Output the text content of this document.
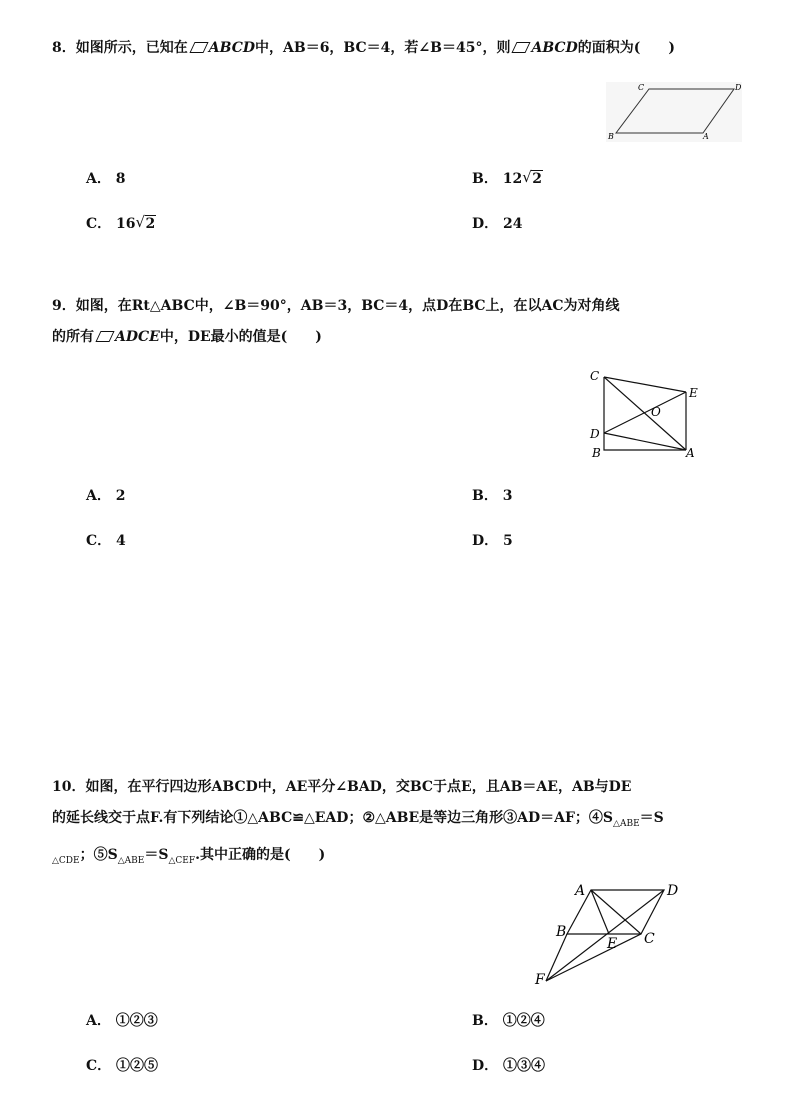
8．如图所示，已知在 ABCD中，AB＝6，BC＝4，若∠B＝45°，则 ABCD的面积为(　　)
C	D
B	A
A． 8	B． 12 √ 2
C． 16 √ 2	D． 24
9．如图，在Rt△ABC中，∠B＝90°，AB＝3，BC＝4，点D在BC上，在以AC为对角线
的所有 ADCE中，DE最小的值是(　　)
C
E
O
D
B	A
A． 2	B． 3
C． 4	D． 5
10．如图，在平行四边形ABCD中，AE平分∠BAD，交BC于点E，且AB＝AE，AB与DE
的延长线交于点F.有下列结论①△ABC≌△EAD；②△ABE是等边三角形③AD＝AF；$④S_{\triangle ABE}=S$
$_{\triangle CDE}$；$⑤S_{\triangle ABE}=S_{\triangle CEF}$.其中正确的是(　　)
A	D
B
E C
F
A． ①②③	B． ①②④
C． ①②⑤	D． ①③④
